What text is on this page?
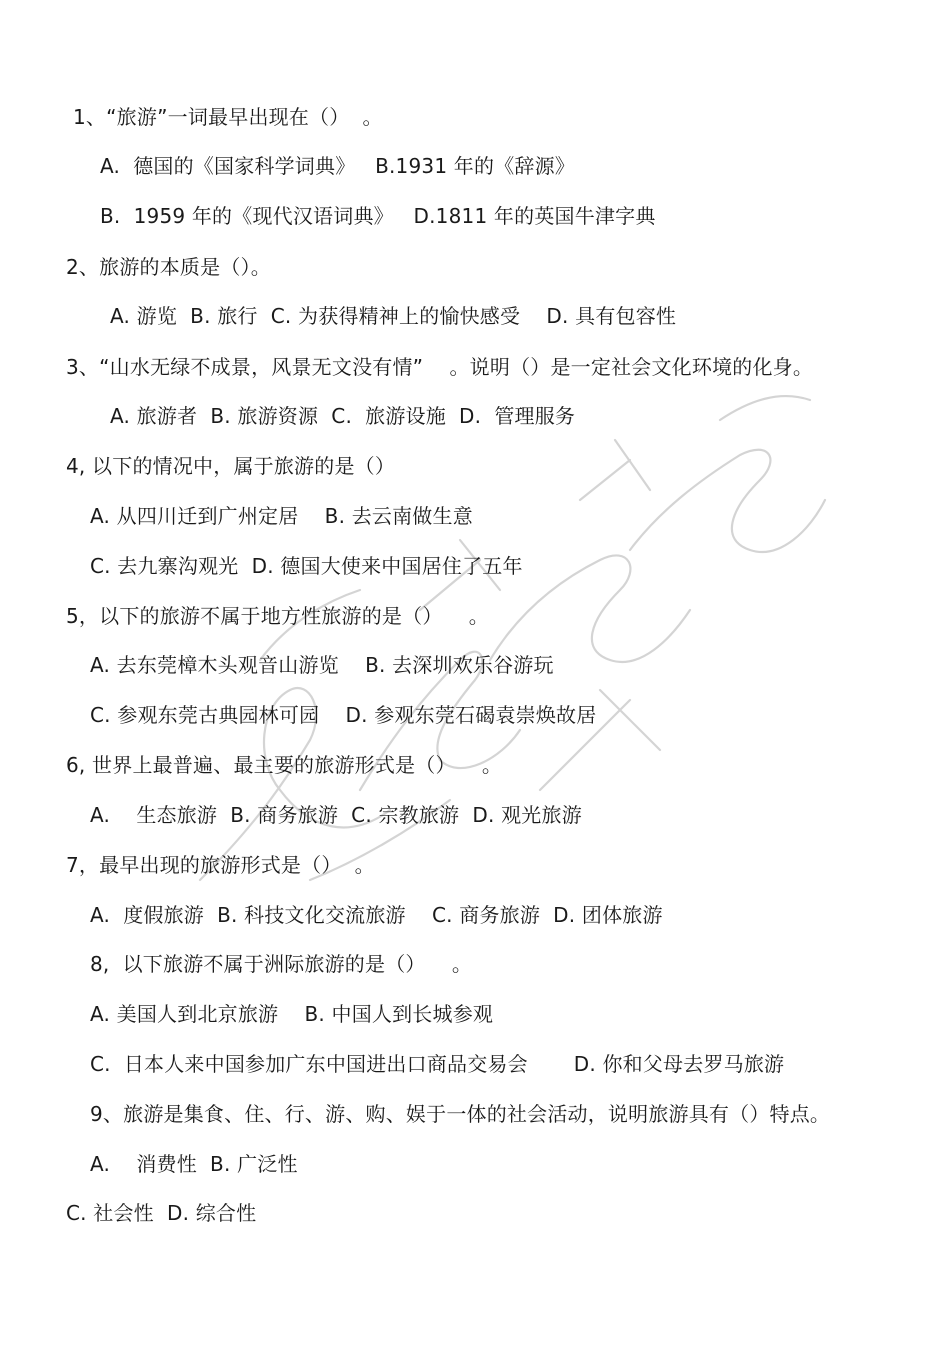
1、“旅游”一词最早出现在（）  。
A.  德国的《国家科学词典》   B.1931 年的《辞源》
B.  1959 年的《现代汉语词典》   D.1811 年的英国牛津字典
2、旅游的本质是（）。
A. 游览  B. 旅行  C. 为获得精神上的愉快感受    D. 具有包容性
3、“山水无绿不成景，风景无文没有情”    。说明（）是一定社会文化环境的化身。
A. 旅游者  B. 旅游资源  C.  旅游设施  D.  管理服务
4, 以下的情况中，属于旅游的是（）
A. 从四川迁到广州定居    B. 去云南做生意
C. 去九寨沟观光  D. 德国大使来中国居住了五年
5，以下的旅游不属于地方性旅游的是（）    。
A. 去东莞樟木头观音山游览    B. 去深圳欢乐谷游玩
C. 参观东莞古典园林可园    D. 参观东莞石碣袁崇焕故居
6, 世界上最普遍、最主要的旅游形式是（）    。
A.    生态旅游  B. 商务旅游  C. 宗教旅游  D. 观光旅游
7，最早出现的旅游形式是（）  。
A.  度假旅游  B. 科技文化交流旅游    C. 商务旅游  D. 团体旅游
8,  以下旅游不属于洲际旅游的是（）    。
A. 美国人到北京旅游    B. 中国人到长城参观
C.  日本人来中国参加广东中国进出口商品交易会       D. 你和父母去罗马旅游
9、旅游是集食、住、行、游、购、娱于一体的社会活动，说明旅游具有（）特点。
A.    消费性  B. 广泛性
C. 社会性  D. 综合性
